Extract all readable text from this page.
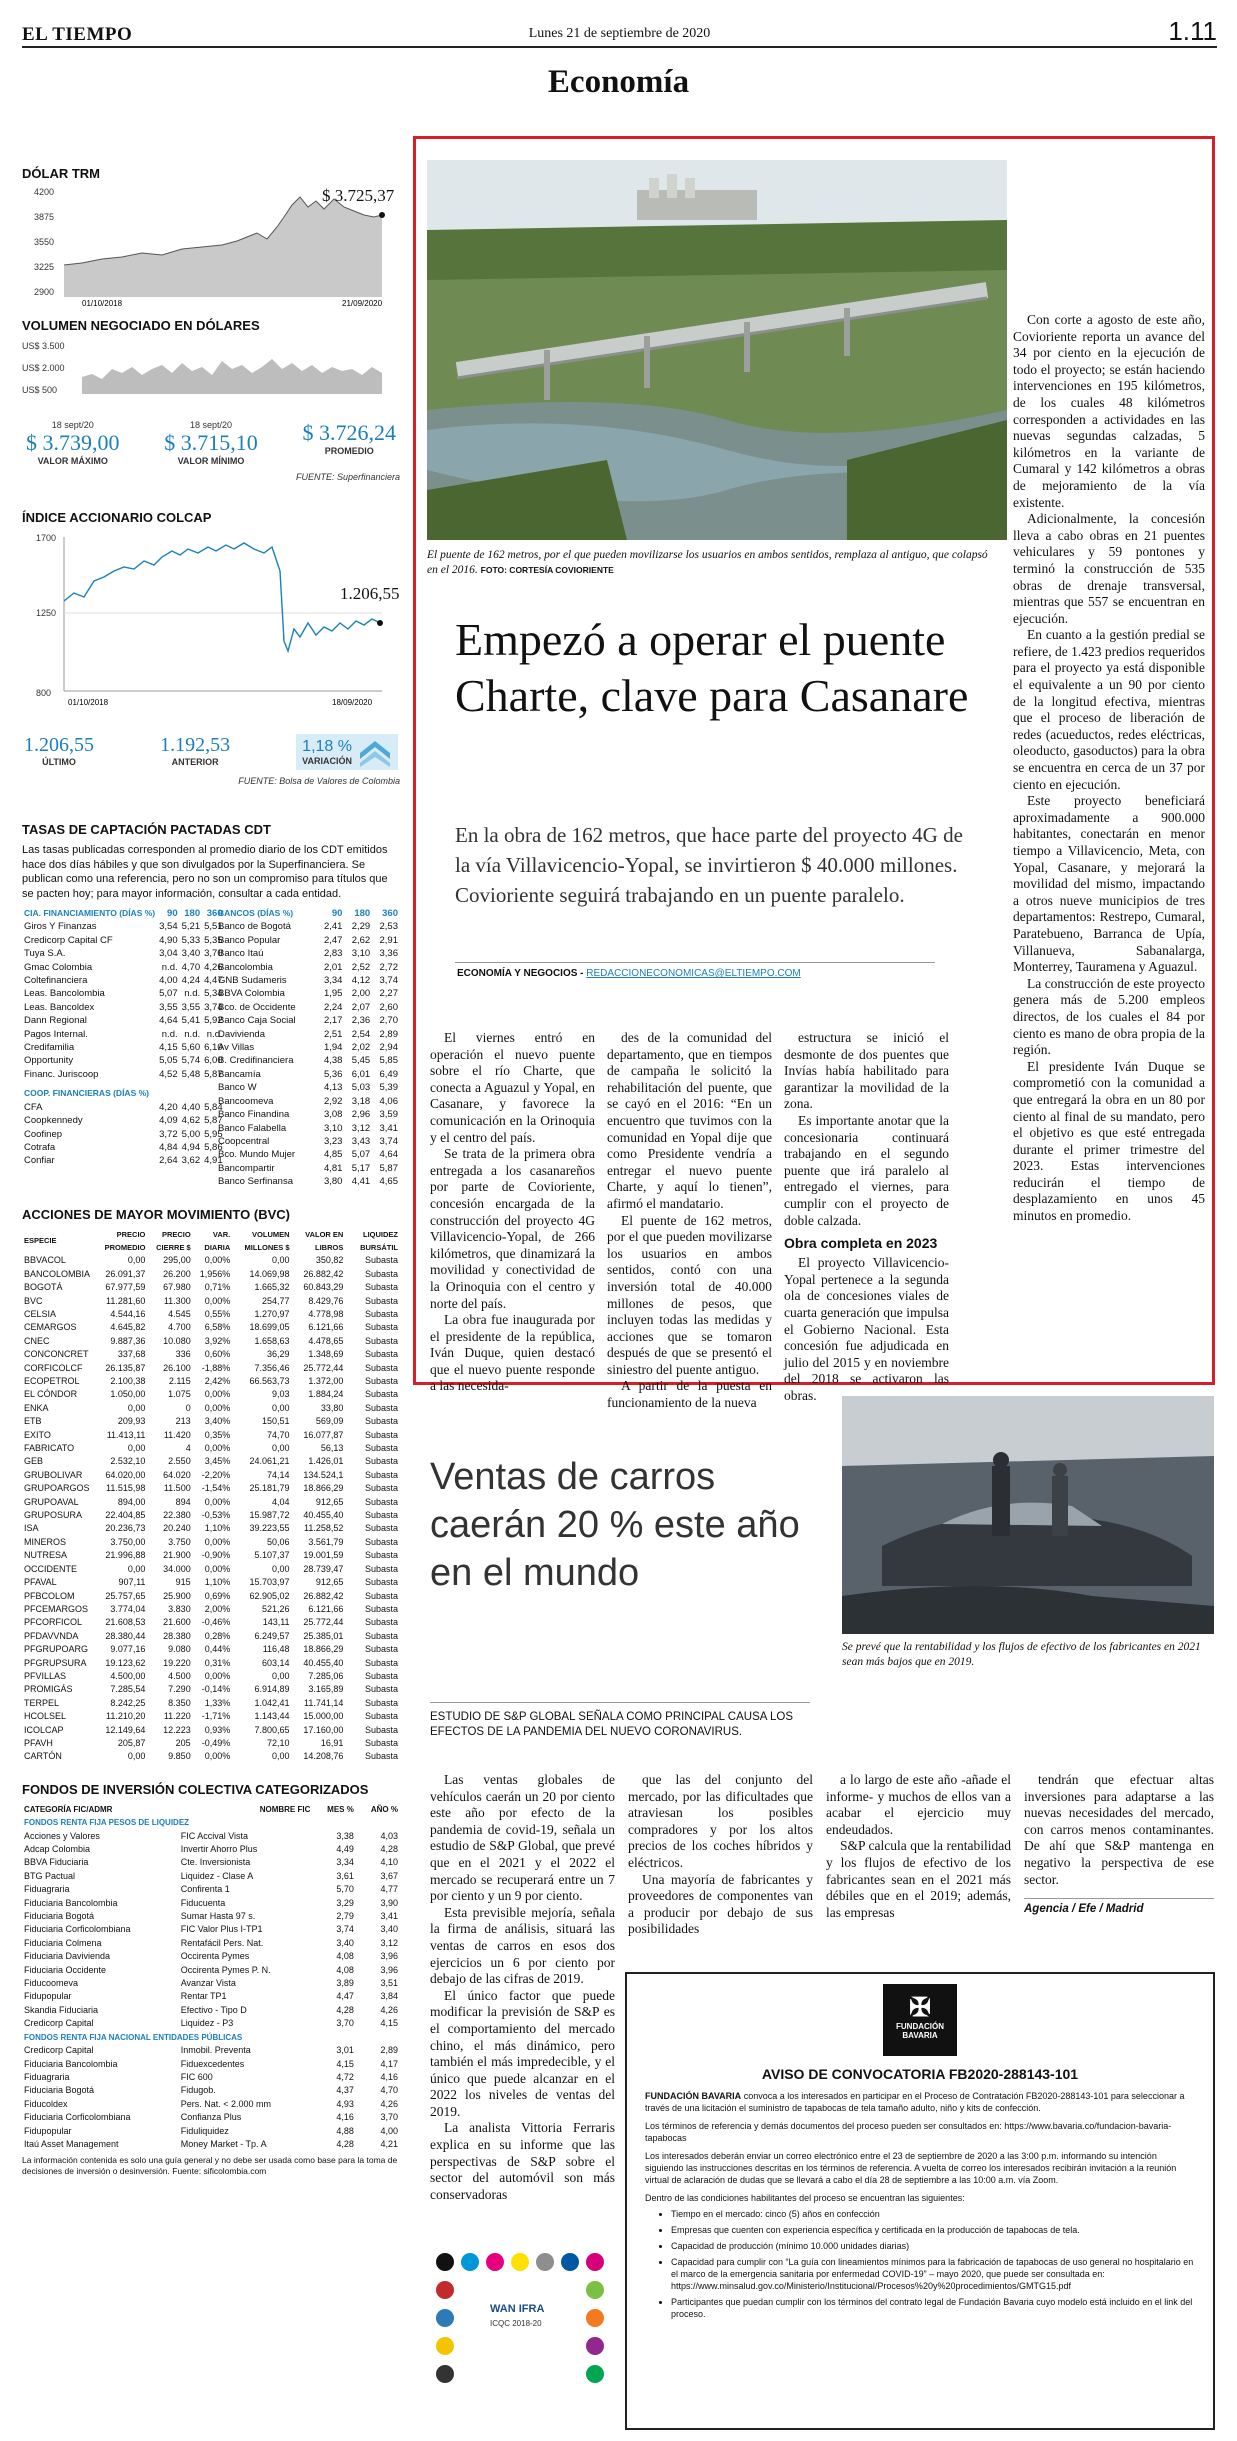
EL TIEMPO	Lunes 21 de septiembre de 2020	1.11
Economía
DÓLAR TRM
4200
3875
3550
3225
2900
$ 3.725,37
01/10/2018	21/09/2020
VOLUMEN NEGOCIADO EN DÓLARES
US$ 3.500
US$ 2.000
US$ 500
18 sept/20
$ 3.739,00
VALOR MÁXIMO
18 sept/20
$ 3.715,10
VALOR MÍNIMO
$ 3.726,24
PROMEDIO
FUENTE: Superfinanciera
ÍNDICE ACCIONARIO COLCAP
1700
1250
800
1.206,55
01/10/2018	18/09/2020
1.206,55
ÚLTIMO
1.192,53
ANTERIOR
1,18 %
VARIACIÓN
FUENTE: Bolsa de Valores de Colombia
TASAS DE CAPTACIÓN PACTADAS CDT
Las tasas publicadas corresponden al promedio diario de los CDT emitidos hace dos días hábiles y que son divulgados por la Superfinanciera. Se publican como una referencia, pero no son un compromiso para títulos que se pacten hoy; para mayor información, consultar a cada entidad.
CIA. FINANCIAMIENTO (DÍAS %)	90	180	360
Giros Y Finanzas	3,54	5,21	5,51
Credicorp Capital CF	4,90	5,33	5,35
Tuya S.A.	3,04	3,40	3,70
Gmac Colombia	n.d.	4,70	4,26
Coltefinanciera	4,00	4,24	4,47
Leas. Bancolombia	5,07	n.d.	5,34
Leas. Bancoldex	3,55	3,55	3,74
Dann Regional	4,64	5,41	5,92
Pagos Internal.	n.d.	n.d.	n.d.
Credifamilia	4,15	5,60	6,10
Opportunity	5,05	5,74	6,00
Financ. Juriscoop	4,52	5,48	5,87
COOP. FINANCIERAS (DÍAS %)			
CFA	4,20	4,40	5,84
Coopkennedy	4,09	4,62	5,87
Coofinep	3,72	5,00	5,95
Cotrafa	4,84	4,94	5,86
Confiar	2,64	3,62	4,91
BANCOS (DÍAS %)	90	180	360
Banco de Bogotá	2,41	2,29	2,53
Banco Popular	2,47	2,62	2,91
Banco Itaú	2,83	3,10	3,36
Bancolombia	2,01	2,52	2,72
GNB Sudameris	3,34	4,12	3,74
BBVA Colombia	1,95	2,00	2,27
Bco. de Occidente	2,24	2,07	2,60
Banco Caja Social	2,17	2,36	2,70
Davivienda	2,51	2,54	2,89
Av Villas	1,94	2,02	2,94
B. Credifinanciera	4,38	5,45	5,85
Bancamía	5,36	6,01	6,49
Banco W	4,13	5,03	5,39
Bancoomeva	2,92	3,18	4,06
Banco Finandina	3,08	2,96	3,59
Banco Falabella	3,10	3,12	3,41
Coopcentral	3,23	3,43	3,74
Bco. Mundo Mujer	4,85	5,07	4,64
Bancompartir	4,81	5,17	5,87
Banco Serfinansa	3,80	4,41	4,65
ACCIONES DE MAYOR MOVIMIENTO (BVC)
ESPECIE	PRECIO PROMEDIO	PRECIO CIERRE $	VAR. DIARIA	VOLUMEN MILLONES $	VALOR EN LIBROS	LIQUIDEZ BURSÁTIL
BBVACOL	0,00	295,00	0,00%	0,00	350,82	Subasta
BANCOLOMBIA	26.091,37	26.200	1,956%	14.069,98	26.882,42	Subasta
BOGOTÁ	67.977,59	67.980	0,71%	1.665,32	60.843,29	Subasta
BVC	11.281,60	11.300	0,00%	254,77	8.429,76	Subasta
CELSIA	4.544,16	4.545	0,55%	1.270,97	4.778,98	Subasta
CEMARGOS	4.645,82	4.700	6,58%	18.699,05	6.121,66	Subasta
CNEC	9.887,36	10.080	3,92%	1.658,63	4.478,65	Subasta
CONCONCRET	337,68	336	0,60%	36,29	1.348,69	Subasta
CORFICOLCF	26.135,87	26.100	-1,88%	7.356,46	25.772,44	Subasta
ECOPETROL	2.100,38	2.115	2,42%	66.563,73	1.372,00	Subasta
EL CÓNDOR	1.050,00	1.075	0,00%	9,03	1.884,24	Subasta
ENKA	0,00	0	0,00%	0,00	33,80	Subasta
ETB	209,93	213	3,40%	150,51	569,09	Subasta
EXITO	11.413,11	11.420	0,35%	74,70	16.077,87	Subasta
FABRICATO	0,00	4	0,00%	0,00	56,13	Subasta
GEB	2.532,10	2.550	3,45%	24.061,21	1.426,01	Subasta
GRUBOLIVAR	64.020,00	64.020	-2,20%	74,14	134.524,1	Subasta
GRUPOARGOS	11.515,98	11.500	-1,54%	25.181,79	18.866,29	Subasta
GRUPOAVAL	894,00	894	0,00%	4,04	912,65	Subasta
GRUPOSURA	22.404,85	22.380	-0,53%	15.987,72	40.455,40	Subasta
ISA	20.236,73	20.240	1,10%	39.223,55	11.258,52	Subasta
MINEROS	3.750,00	3.750	0,00%	50,06	3.561,79	Subasta
NUTRESA	21.996,88	21.900	-0,90%	5.107,37	19.001,59	Subasta
OCCIDENTE	0,00	34.000	0,00%	0,00	28.739,47	Subasta
PFAVAL	907,11	915	1,10%	15.703,97	912,65	Subasta
PFBCOLOM	25.757,65	25.900	0,69%	62.905,02	26.882,42	Subasta
PFCEMARGOS	3.774,04	3.830	2,00%	521,26	6.121,66	Subasta
PFCORFICOL	21.608,53	21.600	-0,46%	143,11	25.772,44	Subasta
PFDAVVNDA	28.380,44	28.380	0,28%	6.249,57	25.385,01	Subasta
PFGRUPOARG	9.077,16	9.080	0,44%	116,48	18.866,29	Subasta
PFGRUPSURA	19.123,62	19.220	0,31%	603,14	40.455,40	Subasta
PFVILLAS	4.500,00	4.500	0,00%	0,00	7.285,06	Subasta
PROMIGÁS	7.285,54	7.290	-0,14%	6.914,89	3.165,89	Subasta
TERPEL	8.242,25	8.350	1,33%	1.042,41	11.741,14	Subasta
HCOLSEL	11.210,20	11.220	-1,71%	1.143,44	15.000,00	Subasta
ICOLCAP	12.149,64	12.223	0,93%	7.800,65	17.160,00	Subasta
PFAVH	205,87	205	-0,49%	72,10	16,91	Subasta
CARTÓN	0,00	9.850	0,00%	0,00	14.208,76	Subasta
FONDOS DE INVERSIÓN COLECTIVA CATEGORIZADOS
CATEGORÍA FIC/ADMR	NOMBRE FIC	MES %	AÑO %
FONDOS RENTA FIJA PESOS DE LIQUIDEZ			
Acciones y Valores	FIC Accival Vista	3,38	4,03
Adcap Colombia	Invertir Ahorro Plus	4,49	4,28
BBVA Fiduciaria	Cte. Inversionista	3,34	4,10
BTG Pactual	Liquidez - Clase A	3,61	3,67
Fiduagraria	Confirenta 1	5,70	4,77
Fiduciaria Bancolombia	Fiducuenta	3,29	3,90
Fiduciaria Bogotá	Sumar Hasta 97 s.	2,79	3,41
Fiduciaria Corficolombiana	FIC Valor Plus I-TP1	3,74	3,40
Fiduciaria Colmena	Rentafácil Pers. Nat.	3,40	3,12
Fiduciaria Davivienda	Occirenta Pymes	4,08	3,96
Fiduciaria Occidente	Occirenta Pymes P. N.	4,08	3,96
Fiducoomeva	Avanzar Vista	3,89	3,51
Fidupopular	Rentar TP1	4,47	3,84
Skandia Fiduciaria	Efectivo - Tipo D	4,28	4,26
Credicorp Capital	Liquidez - P3	3,70	4,15
FONDOS RENTA FIJA NACIONAL ENTIDADES PÚBLICAS			
Credicorp Capital	Inmobil. Preventa	3,01	2,89
Fiduciaria Bancolombia	Fiduexcedentes	4,15	4,17
Fiduagraria	FIC 600	4,72	4,16
Fiduciaria Bogotá	Fidugob.	4,37	4,70
Fiducoldex	Pers. Nat. < 2.000 mm	4,93	4,26
Fiduciaria Corficolombiana	Confianza Plus	4,16	3,70
Fidupopular	Fiduliquidez	4,88	4,00
Itaú Asset Management	Money Market - Tp. A	4,28	4,21
La información contenida es solo una guía general y no debe ser usada como base para la toma de decisiones de inversión o desinversión. Fuente: sificolombia.com
El puente de 162 metros, por el que pueden movilizarse los usuarios en ambos sentidos, remplaza al antiguo, que colapsó en el 2016. FOTO: CORTESÍA COVIORIENTE
Empezó a operar el puente Charte, clave para Casanare
En la obra de 162 metros, que hace parte del proyecto 4G de la vía Villavicencio-Yopal, se invirtieron $ 40.000 millones. Covioriente seguirá trabajando en un puente paralelo.
ECONOMÍA Y NEGOCIOS - REDACCIONECONOMICAS@ELTIEMPO.COM

El viernes entró en operación el nuevo puente sobre el río Charte, que conecta a Aguazul y Yopal, en Casanare, y favorece la comunicación en la Orinoquia y el centro del país.

Se trata de la primera obra entregada a los casanareños por parte de Covioriente, concesión encargada de la construcción del proyecto 4G Villavicencio-Yopal, de 266 kilómetros, que dinamizará la movilidad y conectividad de la Orinoquia con el centro y norte del país.

La obra fue inaugurada por el presidente de la república, Iván Duque, quien destacó que el nuevo puente responde a las necesida-

des de la comunidad del departamento, que en tiempos de campaña le solicitó la rehabilitación del puente, que se cayó en el 2016: “En un encuentro que tuvimos con la comunidad en Yopal dije que como Presidente vendría a entregar el nuevo puente Charte, y aquí lo tienen”, afirmó el mandatario.

El puente de 162 metros, por el que pueden movilizarse los usuarios en ambos sentidos, contó con una inversión total de 40.000 millones de pesos, que incluyen todas las medidas y acciones que se tomaron después de que se presentó el siniestro del puente antiguo.

A partir de la puesta en funcionamiento de la nueva

estructura se inició el desmonte de dos puentes que Invías había habilitado para garantizar la movilidad de la zona.

Es importante anotar que la concesionaria continuará trabajando en el segundo puente que irá paralelo al entregado el viernes, para cumplir con el proyecto de doble calzada.

Obra completa en 2023

El proyecto Villavicencio-Yopal pertenece a la segunda ola de concesiones viales de cuarta generación que impulsa el Gobierno Nacional. Esta concesión fue adjudicada en julio del 2015 y en noviembre del 2018 se activaron las obras.

Con corte a agosto de este año, Covioriente reporta un avance del 34 por ciento en la ejecución de todo el proyecto; se están haciendo intervenciones en 195 kilómetros, de los cuales 48 kilómetros corresponden a actividades en las nuevas segundas calzadas, 5 kilómetros en la variante de Cumaral y 142 kilómetros a obras de mejoramiento de la vía existente.

Adicionalmente, la concesión lleva a cabo obras en 21 puentes vehiculares y 59 pontones y terminó la construcción de 535 obras de drenaje transversal, mientras que 557 se encuentran en ejecución.

En cuanto a la gestión predial se refiere, de 1.423 predios requeridos para el proyecto ya está disponible el equivalente a un 90 por ciento de la longitud efectiva, mientras que el proceso de liberación de redes (acueductos, redes eléctricas, oleoducto, gasoductos) para la obra se encuentra en cerca de un 37 por ciento en ejecución.

Este proyecto beneficiará aproximadamente a 900.000 habitantes, conectarán en menor tiempo a Villavicencio, Meta, con Yopal, Casanare, y mejorará la movilidad del mismo, impactando a otros nueve municipios de tres departamentos: Restrepo, Cumaral, Paratebueno, Barranca de Upía, Villanueva, Sabanalarga, Monterrey, Tauramena y Aguazul.

La construcción de este proyecto genera más de 5.200 empleos directos, de los cuales el 84 por ciento es mano de obra propia de la región.

El presidente Iván Duque se comprometió con la comunidad a que entregará la obra en un 80 por ciento al final de su mandato, pero el objetivo es que esté entregada durante el primer trimestre del 2023. Estas intervenciones reducirán el tiempo de desplazamiento en unos 45 minutos en promedio.

Ventas de carros caerán 20 % este año en el mundo
Se prevé que la rentabilidad y los flujos de efectivo de los fabricantes en 2021 sean más bajos que en 2019.
ESTUDIO DE S&P GLOBAL SEÑALA COMO PRINCIPAL CAUSA LOS EFECTOS DE LA PANDEMIA DEL NUEVO CORONAVIRUS.

Las ventas globales de vehículos caerán un 20 por ciento este año por efecto de la pandemia de covid-19, señala un estudio de S&P Global, que prevé que en el 2021 y el 2022 el mercado se recuperará entre un 7 por ciento y un 9 por ciento.

Esta previsible mejoría, señala la firma de análisis, situará las ventas de carros en esos dos ejercicios un 6 por ciento por debajo de las cifras de 2019.

El único factor que puede modificar la previsión de S&P es el comportamiento del mercado chino, el más dinámico, pero también el más impredecible, y el único que puede alcanzar en el 2022 los niveles de ventas del 2019.

La analista Vittoria Ferraris explica en su informe que las perspectivas de S&P sobre el sector del automóvil son más conservadoras

que las del conjunto del mercado, por las dificultades que atraviesan los posibles compradores y por los altos precios de los coches híbridos y eléctricos.

Una mayoría de fabricantes y proveedores de componentes van a producir por debajo de sus posibilidades

a lo largo de este año -añade el informe- y muchos de ellos van a acabar el ejercicio muy endeudados.

S&P calcula que la rentabilidad y los flujos de efectivo de los fabricantes sean en el 2021 más débiles que en el 2019; además, las empresas

tendrán que efectuar altas inversiones para adaptarse a las nuevas necesidades del mercado, con carros menos contaminantes. De ahí que S&P mantenga en negativo la perspectiva de ese sector.

Agencia / Efe / Madrid
WAN IFRA
ICQC 2018-20
✠
FUNDACIÓN BAVARIA
AVISO DE CONVOCATORIA FB2020-288143-101

FUNDACIÓN BAVARIA convoca a los interesados en participar en el Proceso de Contratación FB2020-288143-101 para seleccionar a través de una licitación el suministro de tapabocas de tela tamaño adulto, niño y kits de confección.

Los términos de referencia y demás documentos del proceso pueden ser consultados en: https://www.bavaria.co/fundacion-bavaria-tapabocas

Los interesados deberán enviar un correo electrónico entre el 23 de septiembre de 2020 a las 3:00 p.m. informando su intención siguiendo las instrucciones descritas en los términos de referencia. A vuelta de correo los interesados recibirán invitación a la reunión virtual de aclaración de dudas que se llevará a cabo el día 28 de septiembre a las 10:00 a.m. vía Zoom.

Dentro de las condiciones habilitantes del proceso se encuentran las siguientes:

• Tiempo en el mercado: cinco (5) años en confección
• Empresas que cuenten con experiencia específica y certificada en la producción de tapabocas de tela.
• Capacidad de producción (mínimo 10.000 unidades diarias)
• Capacidad para cumplir con “La guía con lineamientos mínimos para la fabricación de tapabocas de uso general no hospitalario en el marco de la emergencia sanitaria por enfermedad COVID-19” – mayo 2020, que puede ser consultada en: https://www.minsalud.gov.co/Ministerio/Institucional/Procesos%20y%20procedimientos/GMTG15.pdf
• Participantes que puedan cumplir con los términos del contrato legal de Fundación Bavaria cuyo modelo está incluido en el link del proceso.
